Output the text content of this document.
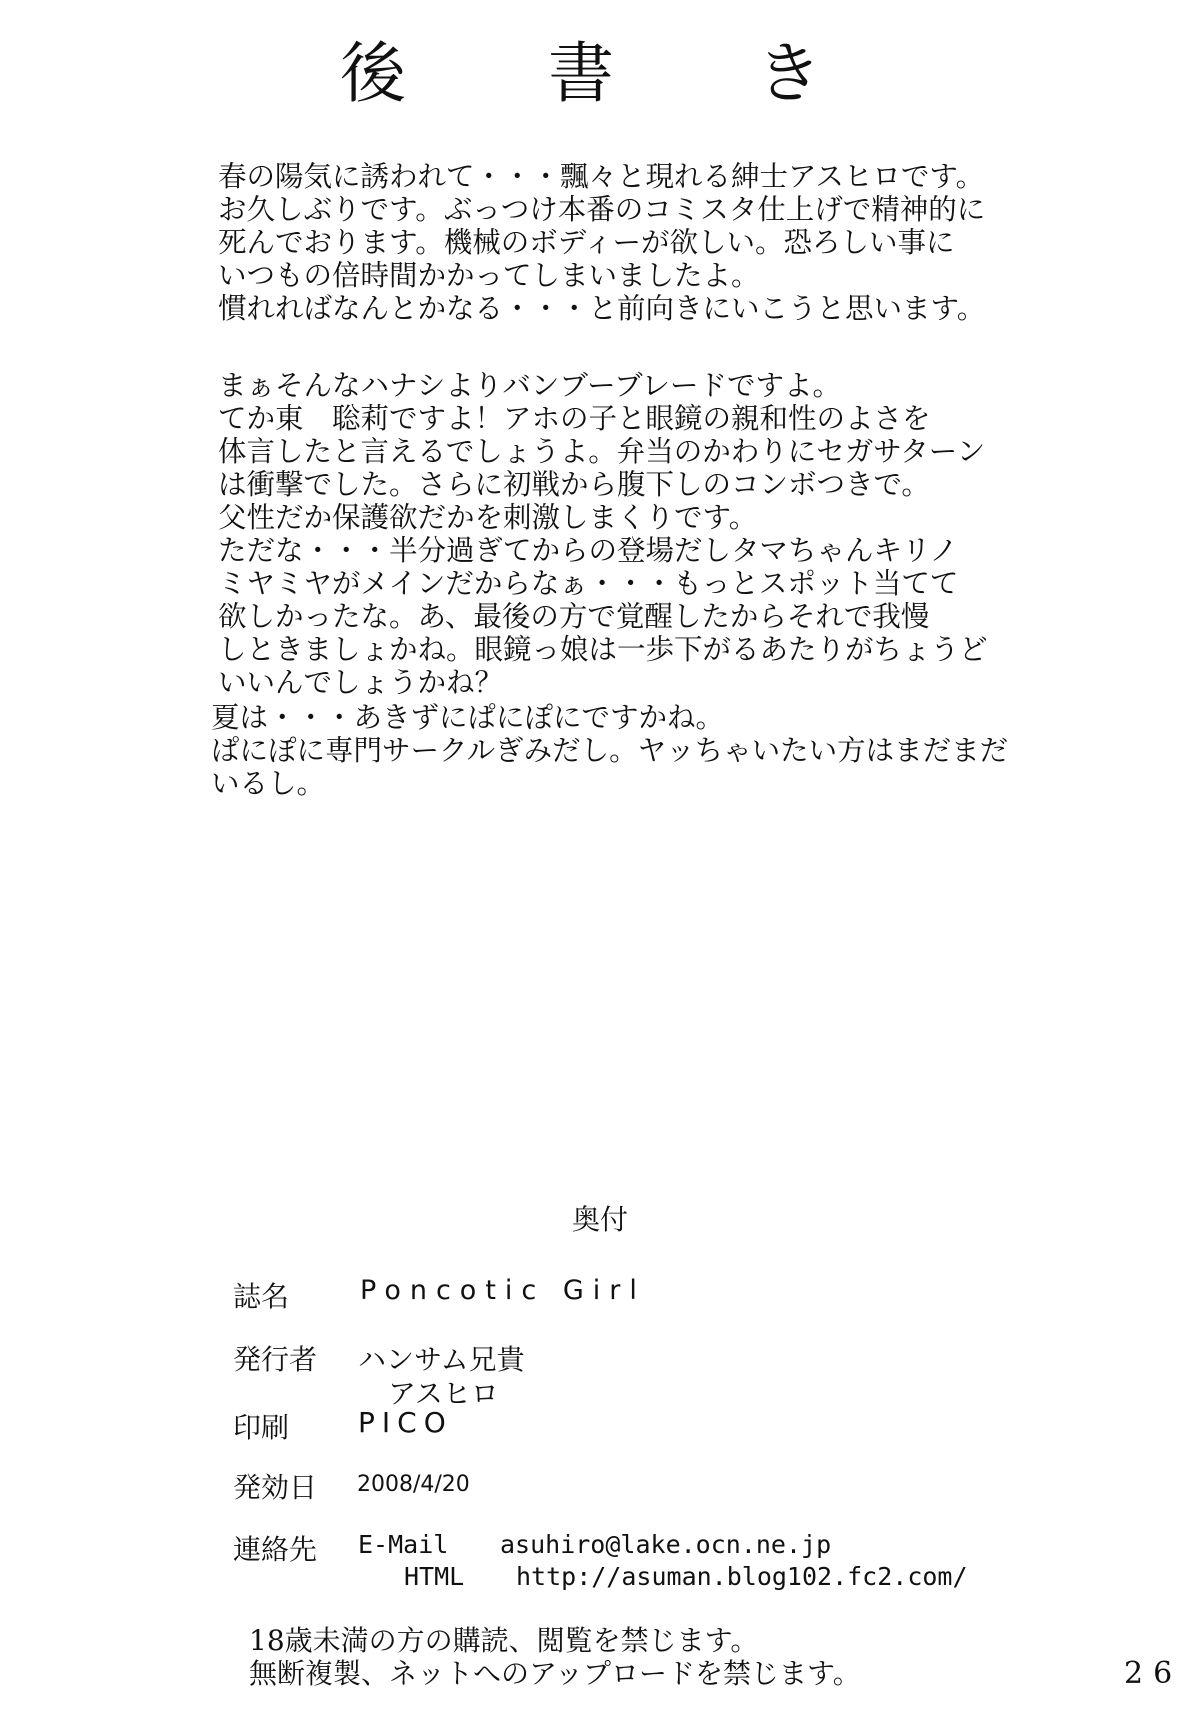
後　書　き
春の陽気に誘われて・・・飄々と現れる紳士アスヒロです。
お久しぶりです。ぶっつけ本番のコミスタ仕上げで精神的に
死んでおります。機械のボディーが欲しい。恐ろしい事に
いつもの倍時間かかってしまいましたよ。
慣れればなんとかなる・・・と前向きにいこうと思います。
まぁそんなハナシよりバンブーブレードですよ。
てか東　聡莉ですよ！アホの子と眼鏡の親和性のよさを
体言したと言えるでしょうよ。弁当のかわりにセガサターン
は衝撃でした。さらに初戦から腹下しのコンボつきで。
父性だか保護欲だかを刺激しまくりです。
ただな・・・半分過ぎてからの登場だしタマちゃんキリノ
ミヤミヤがメインだからなぁ・・・もっとスポット当てて
欲しかったな。あ、最後の方で覚醒したからそれで我慢
しときましょかね。眼鏡っ娘は一歩下がるあたりがちょうど
いいんでしょうかね？
夏は・・・あきずにぱにぽにですかね。
ぱにぽに専門サークルぎみだし。ヤッちゃいたい方はまだまだ
いるし。
奥付
誌名	Poncotic Girl
発行者 ハンサム兄貴
アスヒロ
印刷 PICO
発効日 2008/4/20
連絡先 E-Mail asuhiro@lake.ocn.ne.jp
HTML http://asuman.blog102.fc2.com/
18歳未満の方の購読、閲覧を禁じます。
無断複製、ネットへのアップロードを禁じます。	26
